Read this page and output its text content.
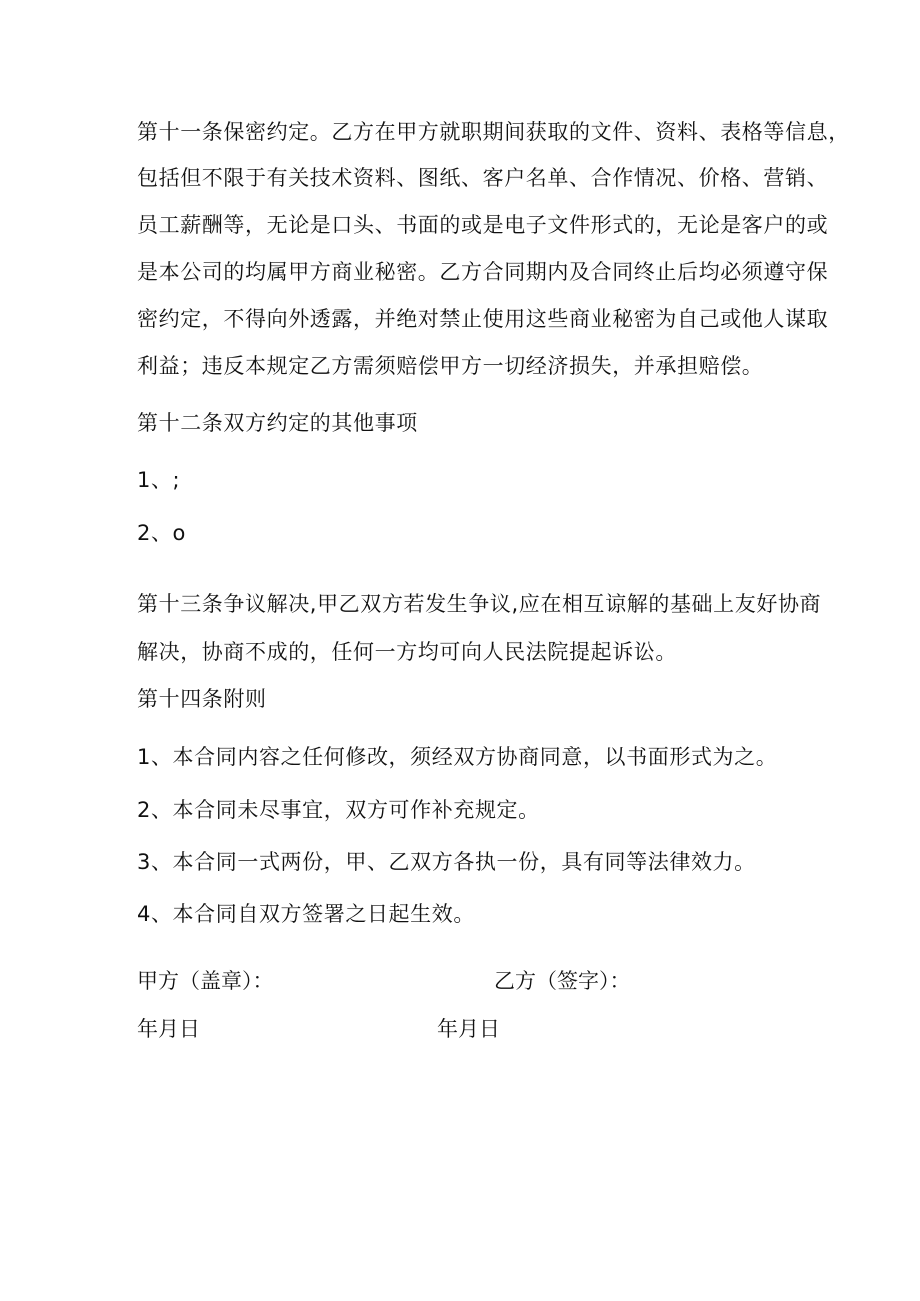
第十一条保密约定。乙方在甲方就职期间获取的文件、资料、表格等信息，
包括但不限于有关技术资料、图纸、客户名单、合作情况、价格、营销、
员工薪酬等，无论是口头、书面的或是电子文件形式的，无论是客户的或
是本公司的均属甲方商业秘密。乙方合同期内及合同终止后均必须遵守保
密约定，不得向外透露，并绝对禁止使用这些商业秘密为自己或他人谋取
利益；违反本规定乙方需须赔偿甲方一切经济损失，并承担赔偿。
第十二条双方约定的其他事项
1、;
2、o
第十三条争议解决,甲乙双方若发生争议,应在相互谅解的基础上友好协商
解决，协商不成的，任何一方均可向人民法院提起诉讼。
第十四条附则
1、本合同内容之任何修改，须经双方协商同意，以书面形式为之。
2、本合同未尽事宜，双方可作补充规定。
3、本合同一式两份，甲、乙双方各执一份，具有同等法律效力。
4、本合同自双方签署之日起生效。
甲方（盖章）：	乙方（签字）：
年月日	年月日
